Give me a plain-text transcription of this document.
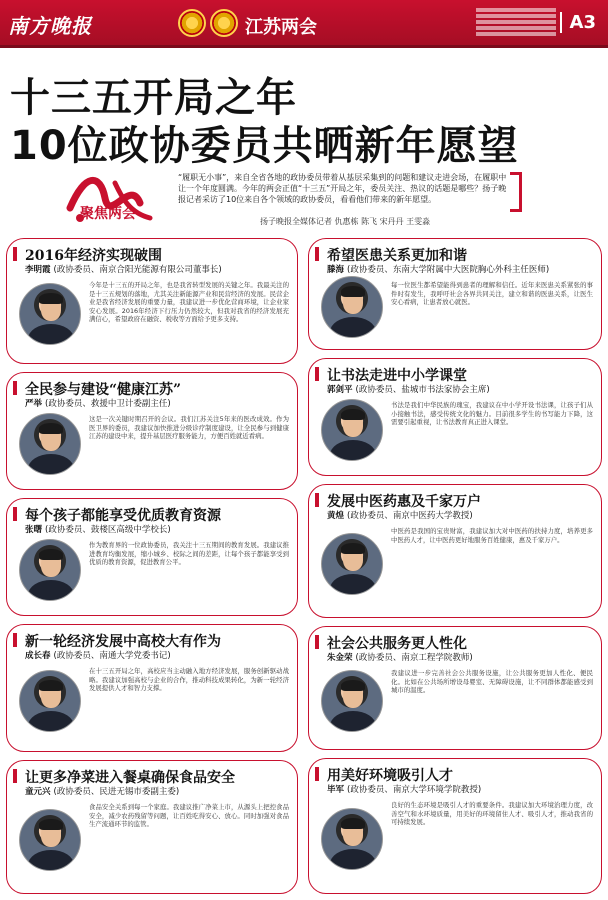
南方晚报	江苏两会	A3
十三五开局之年
10位政协委员共晒新年愿望
聚焦两会
“履职无小事”，来自全省各地的政协委员带着从基层采集到的问题和建议走进会场，在履职中让一个年度圆满。今年的两会正值“十三五”开局之年，委员关注、热议的话题是哪些？扬子晚报记者采访了10位来自各个领域的政协委员，看看他们带来的新年愿望。
扬子晚报全媒体记者 仇惠栋 陈飞 宋丹丹 王雯淼
2016年经济实现破围
李明霞 (政协委员、南京合阳光能源有限公司董事长)
今年是十三五的开局之年，也是我省转型发展的关键之年。我最关注的是十三五规划的落地，尤其关注新能源产业和民营经济的发展。民营企业是我省经济发展的重要力量，我建议进一步优化营商环境，让企业家安心发展。2016年经济下行压力仍然较大，但我对我省的经济发展充满信心，希望政府在融资、税收等方面给予更多支持。
希望医患关系更加和谐
滕海 (政协委员、东南大学附属中大医院胸心外科主任医师)
每一位医生都希望能得到患者的理解和信任。近年来医患关系紧张的事件时有发生，我呼吁社会各界共同关注，建立和谐的医患关系，让医生安心看病，让患者放心就医。
全民参与建设“健康江苏”
严举 (政协委员、救援中卫计委副主任)
这是一次关键时期召开的会议。我们江苏关注5年来的医改成效。作为医卫界的委员，我建议加快推进分级诊疗制度建设，让全民参与到健康江苏的建设中来，提升基层医疗服务能力，方便百姓就近看病。
让书法走进中小学课堂
郭剑平 (政协委员、盐城市书法家协会主席)
书法是我们中华民族的瑰宝，我建议在中小学开设书法课，让孩子们从小接触书法，感受传统文化的魅力。目前很多学生的书写能力下降，这需要引起重视，让书法教育真正进入课堂。
每个孩子都能享受优质教育资源
张曙 (政协委员、鼓楼区高级中学校长)
作为教育界的一位政协委员，我关注十三五期间的教育发展。我建议推进教育均衡发展，缩小城乡、校际之间的差距，让每个孩子都能享受到优质的教育资源，促进教育公平。
发展中医药惠及千家万户
黄煌 (政协委员、南京中医药大学教授)
中医药是我国的宝贵财富，我建议加大对中医药的扶持力度，培养更多中医药人才，让中医药更好地服务百姓健康，惠及千家万户。
新一轮经济发展中高校大有作为
成长春 (政协委员、南通大学党委书记)
在十三五开局之年，高校应当主动融入地方经济发展，服务创新驱动战略。我建议加强高校与企业的合作，推动科技成果转化，为新一轮经济发展提供人才和智力支撑。
社会公共服务更人性化
朱金荣 (政协委员、南京工程学院教师)
我建议进一步完善社会公共服务设施，让公共服务更加人性化、便民化。比如在公共场所增设母婴室、无障碍设施，让不同群体都能感受到城市的温度。
让更多净菜进入餐桌确保食品安全
童元兴 (政协委员、民进无锡市委副主委)
食品安全关系到每一个家庭。我建议推广净菜上市，从源头上把控食品安全，减少农药残留等问题，让百姓吃得安心、放心。同时加强对食品生产流通环节的监管。
用美好环境吸引人才
毕军 (政协委员、南京大学环境学院教授)
良好的生态环境是吸引人才的重要条件。我建议加大环境治理力度，改善空气和水环境质量，用美好的环境留住人才、吸引人才，推动我省的可持续发展。
